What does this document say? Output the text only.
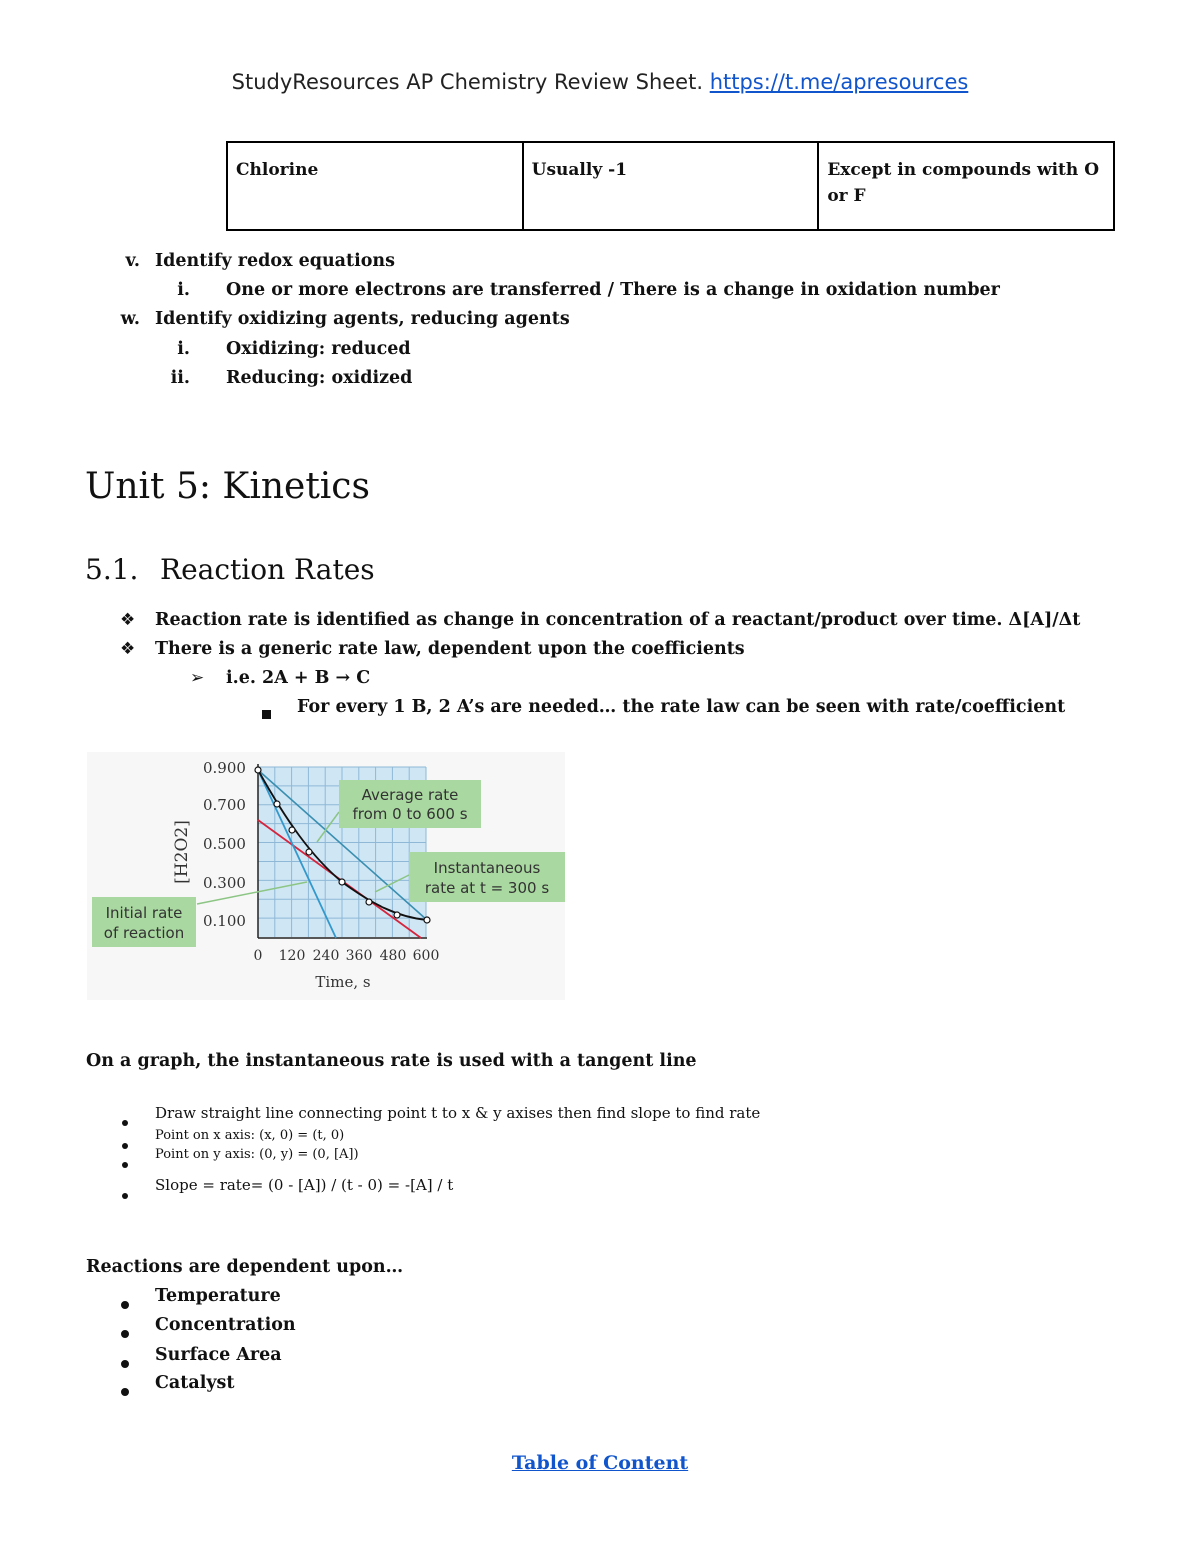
StudyResources AP Chemistry Review Sheet. https://t.me/apresources
Chlorine	Usually -1	Except in compounds with O or F
v. Identify redox equations
i. One or more electrons are transferred / There is a change in oxidation number
w. Identify oxidizing agents, reducing agents
i. Oxidizing: reduced
ii. Reducing: oxidized
Unit 5: Kinetics
5.1. Reaction Rates
❖ Reaction rate is identified as change in concentration of a reactant/product over time. Δ[A]/Δt
❖ There is a generic rate law, dependent upon the coefficients
➢ i.e. 2A + B → C
For every 1 B, 2 A’s are needed… the rate law can be seen with rate/coefficient
0.900
0.700
0.500
0.300
0.100
0 120 240 360 480 600
Time, s
[H2O2]
Average rate
from 0 to 600 s
Instantaneous
rate at t = 300 s
Initial rate
of reaction
On a graph, the instantaneous rate is used with a tangent line
Draw straight line connecting point t to x & y axises then find slope to find rate
Point on x axis: (x, 0) = (t, 0)
Point on y axis: (0, y) = (0, [A])
Slope = rate= (0 - [A]) / (t - 0) = -[A] / t
Reactions are dependent upon…
Temperature
Concentration
Surface Area
Catalyst
Table of Content
